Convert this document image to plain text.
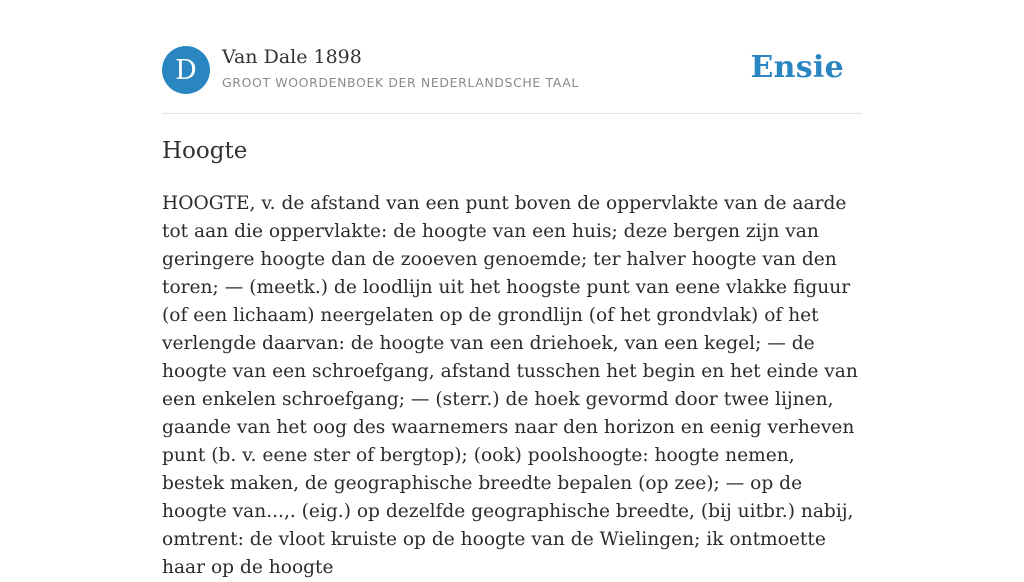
D	Van Dale 1898
GROOT WOORDENBOEK DER NEDERLANDSCHE TAAL	Ensie
Hoogte

HOOGTE, v. de afstand van een punt boven de oppervlakte van de aarde tot aan die oppervlakte: de hoogte van een huis; deze bergen zijn van geringere hoogte dan de zooeven genoemde; ter halver hoogte van den toren; — (meetk.) de loodlijn uit het hoogste punt van eene vlakke figuur (of een lichaam) neergelaten op de grondlijn (of het grondvlak) of het verlengde daarvan: de hoogte van een driehoek, van een kegel; — de hoogte van een schroefgang, afstand tusschen het begin en het einde van een enkelen schroefgang; — (sterr.) de hoek gevormd door twee lijnen, gaande van het oog des waarnemers naar den horizon en eenig verheven punt (b. v. eene ster of bergtop); (ook) poolshoogte: hoogte nemen, bestek maken, de geographische breedte bepalen (op zee); — op de hoogte van...,. (eig.) op dezelfde geographische breedte, (bij uitbr.) nabij, omtrent: de vloot kruiste op de hoogte van de Wielingen; ik ontmoette haar op de hoogte
